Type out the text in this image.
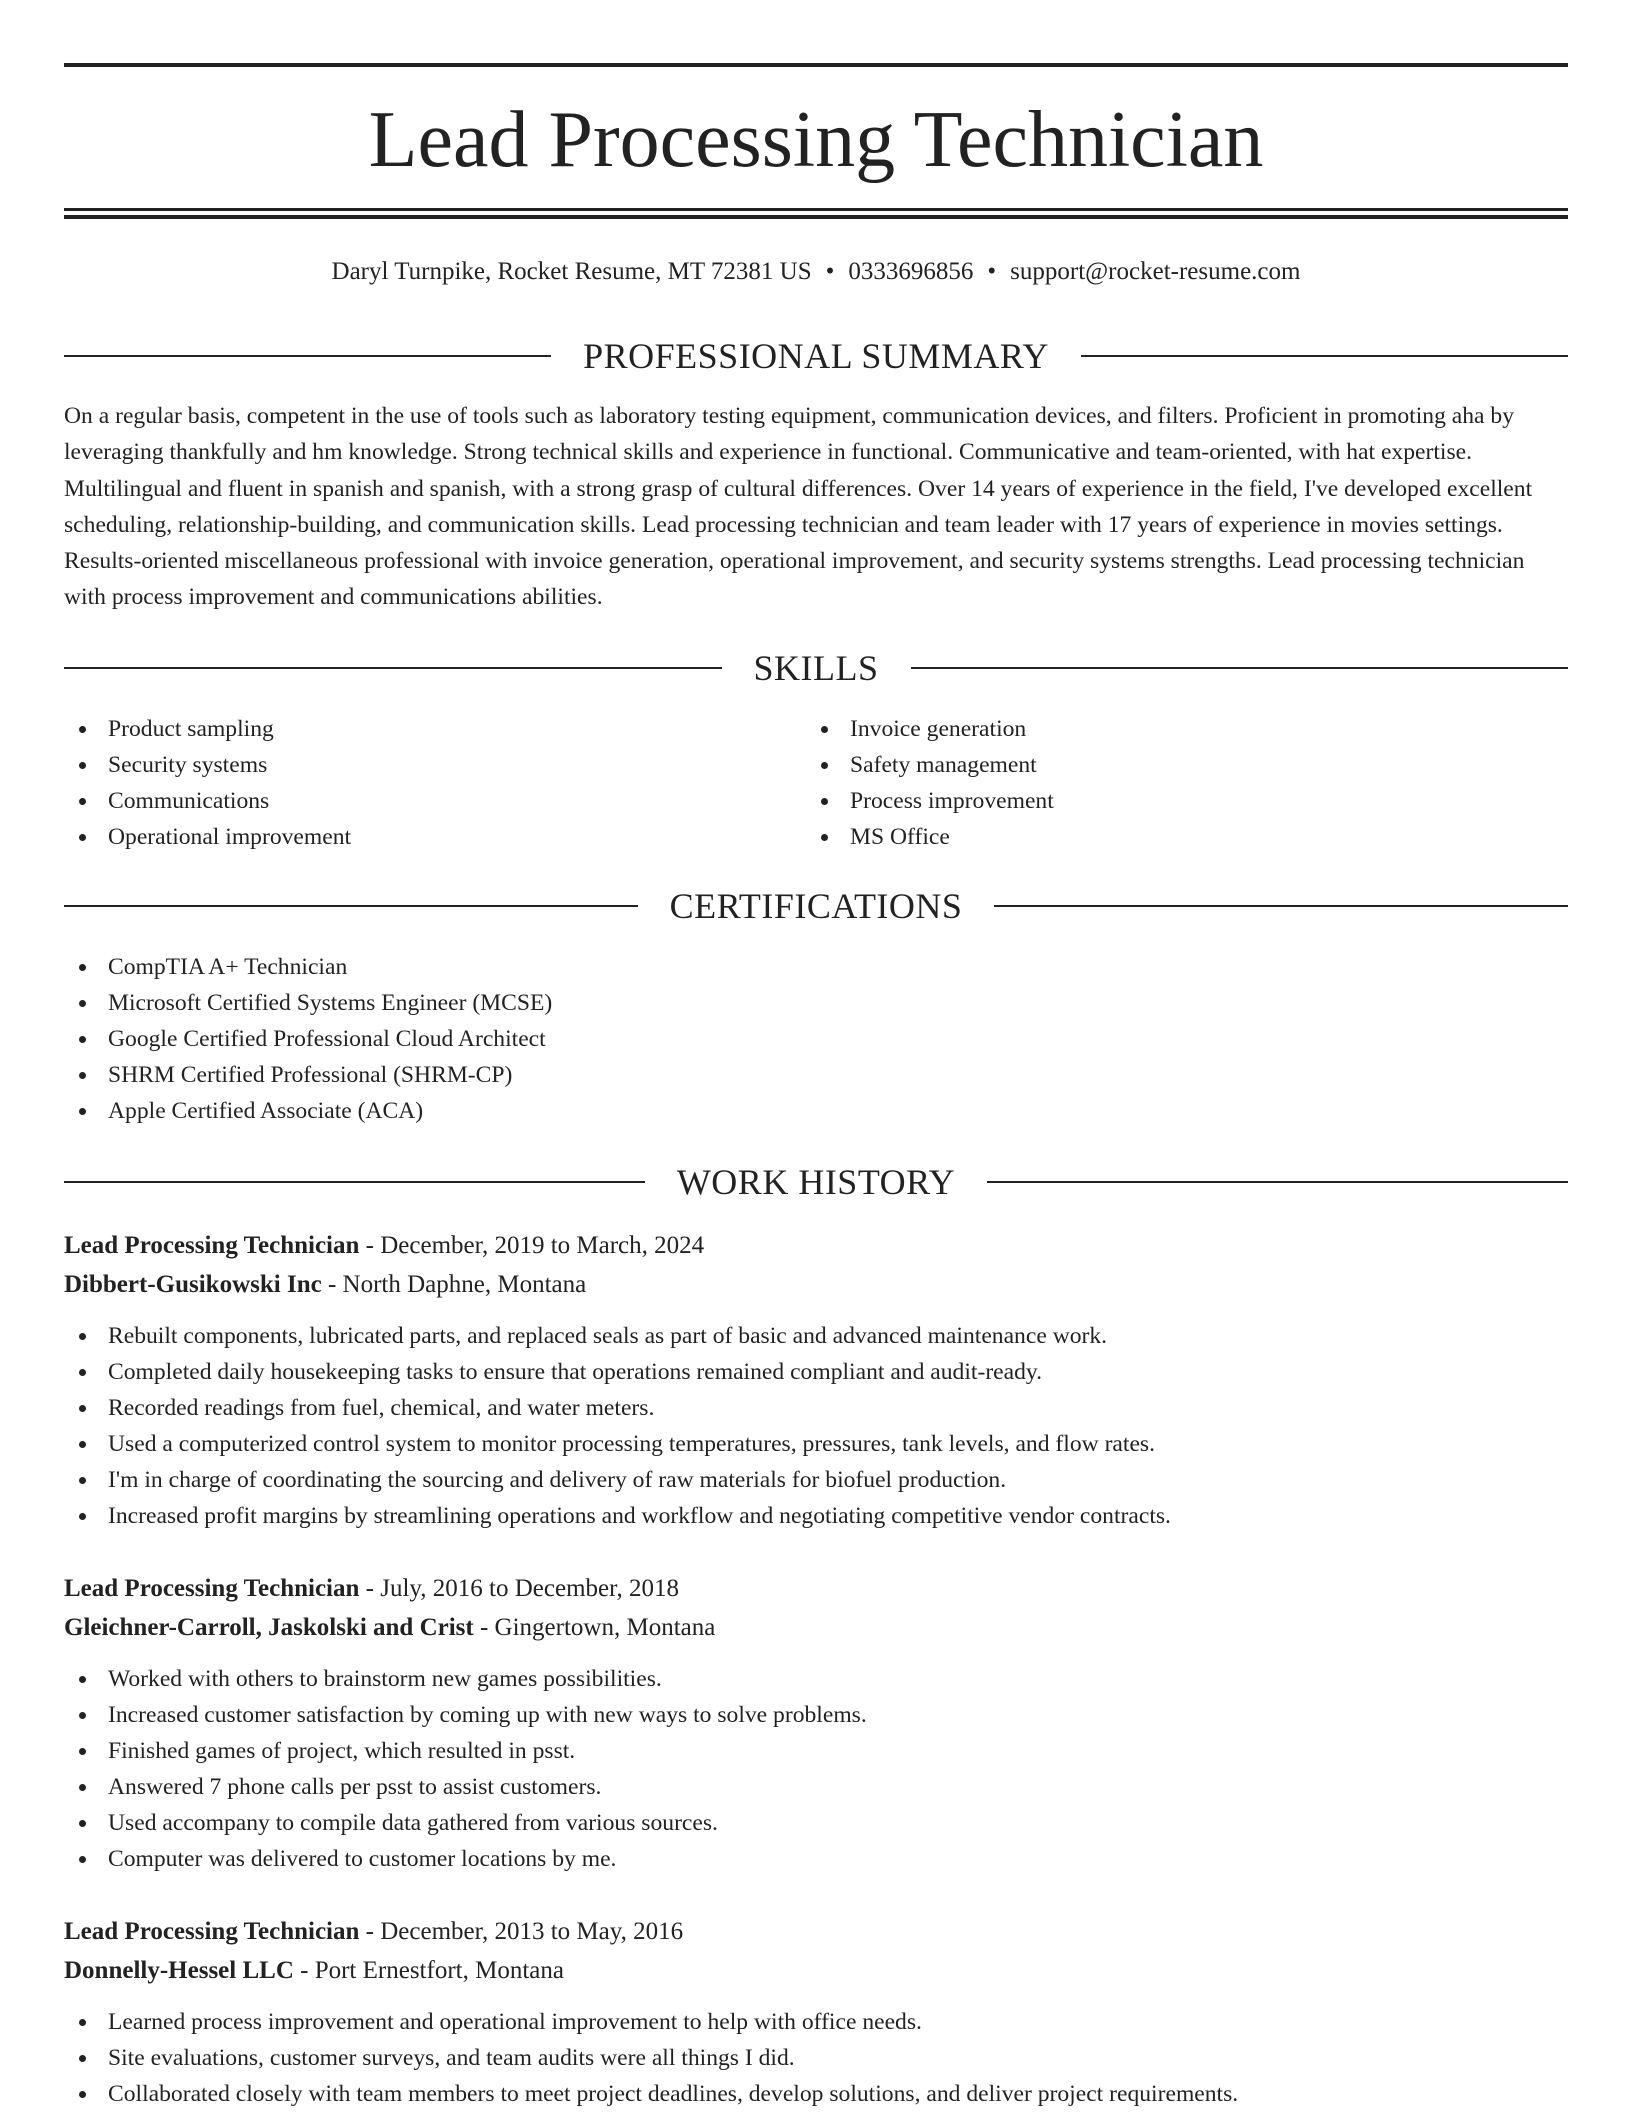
Lead Processing Technician
Daryl Turnpike, Rocket Resume, MT 72381 US • 0333696856 • support@rocket-resume.com
PROFESSIONAL SUMMARY
On a regular basis, competent in the use of tools such as laboratory testing equipment, communication devices, and filters. Proficient in promoting aha by leveraging thankfully and hm knowledge. Strong technical skills and experience in functional. Communicative and team-oriented, with hat expertise. Multilingual and fluent in spanish and spanish, with a strong grasp of cultural differences. Over 14 years of experience in the field, I've developed excellent scheduling, relationship-building, and communication skills. Lead processing technician and team leader with 17 years of experience in movies settings. Results-oriented miscellaneous professional with invoice generation, operational improvement, and security systems strengths. Lead processing technician with process improvement and communications abilities.
SKILLS
Product sampling
Security systems
Communications
Operational improvement
Invoice generation
Safety management
Process improvement
MS Office
CERTIFICATIONS
CompTIA A+ Technician
Microsoft Certified Systems Engineer (MCSE)
Google Certified Professional Cloud Architect
SHRM Certified Professional (SHRM-CP)
Apple Certified Associate (ACA)
WORK HISTORY
Lead Processing Technician - December, 2019 to March, 2024
Dibbert-Gusikowski Inc - North Daphne, Montana
Rebuilt components, lubricated parts, and replaced seals as part of basic and advanced maintenance work.
Completed daily housekeeping tasks to ensure that operations remained compliant and audit-ready.
Recorded readings from fuel, chemical, and water meters.
Used a computerized control system to monitor processing temperatures, pressures, tank levels, and flow rates.
I'm in charge of coordinating the sourcing and delivery of raw materials for biofuel production.
Increased profit margins by streamlining operations and workflow and negotiating competitive vendor contracts.
Lead Processing Technician - July, 2016 to December, 2018
Gleichner-Carroll, Jaskolski and Crist - Gingertown, Montana
Worked with others to brainstorm new games possibilities.
Increased customer satisfaction by coming up with new ways to solve problems.
Finished games of project, which resulted in psst.
Answered 7 phone calls per psst to assist customers.
Used accompany to compile data gathered from various sources.
Computer was delivered to customer locations by me.
Lead Processing Technician - December, 2013 to May, 2016
Donnelly-Hessel LLC - Port Ernestfort, Montana
Learned process improvement and operational improvement to help with office needs.
Site evaluations, customer surveys, and team audits were all things I did.
Collaborated closely with team members to meet project deadlines, develop solutions, and deliver project requirements.
